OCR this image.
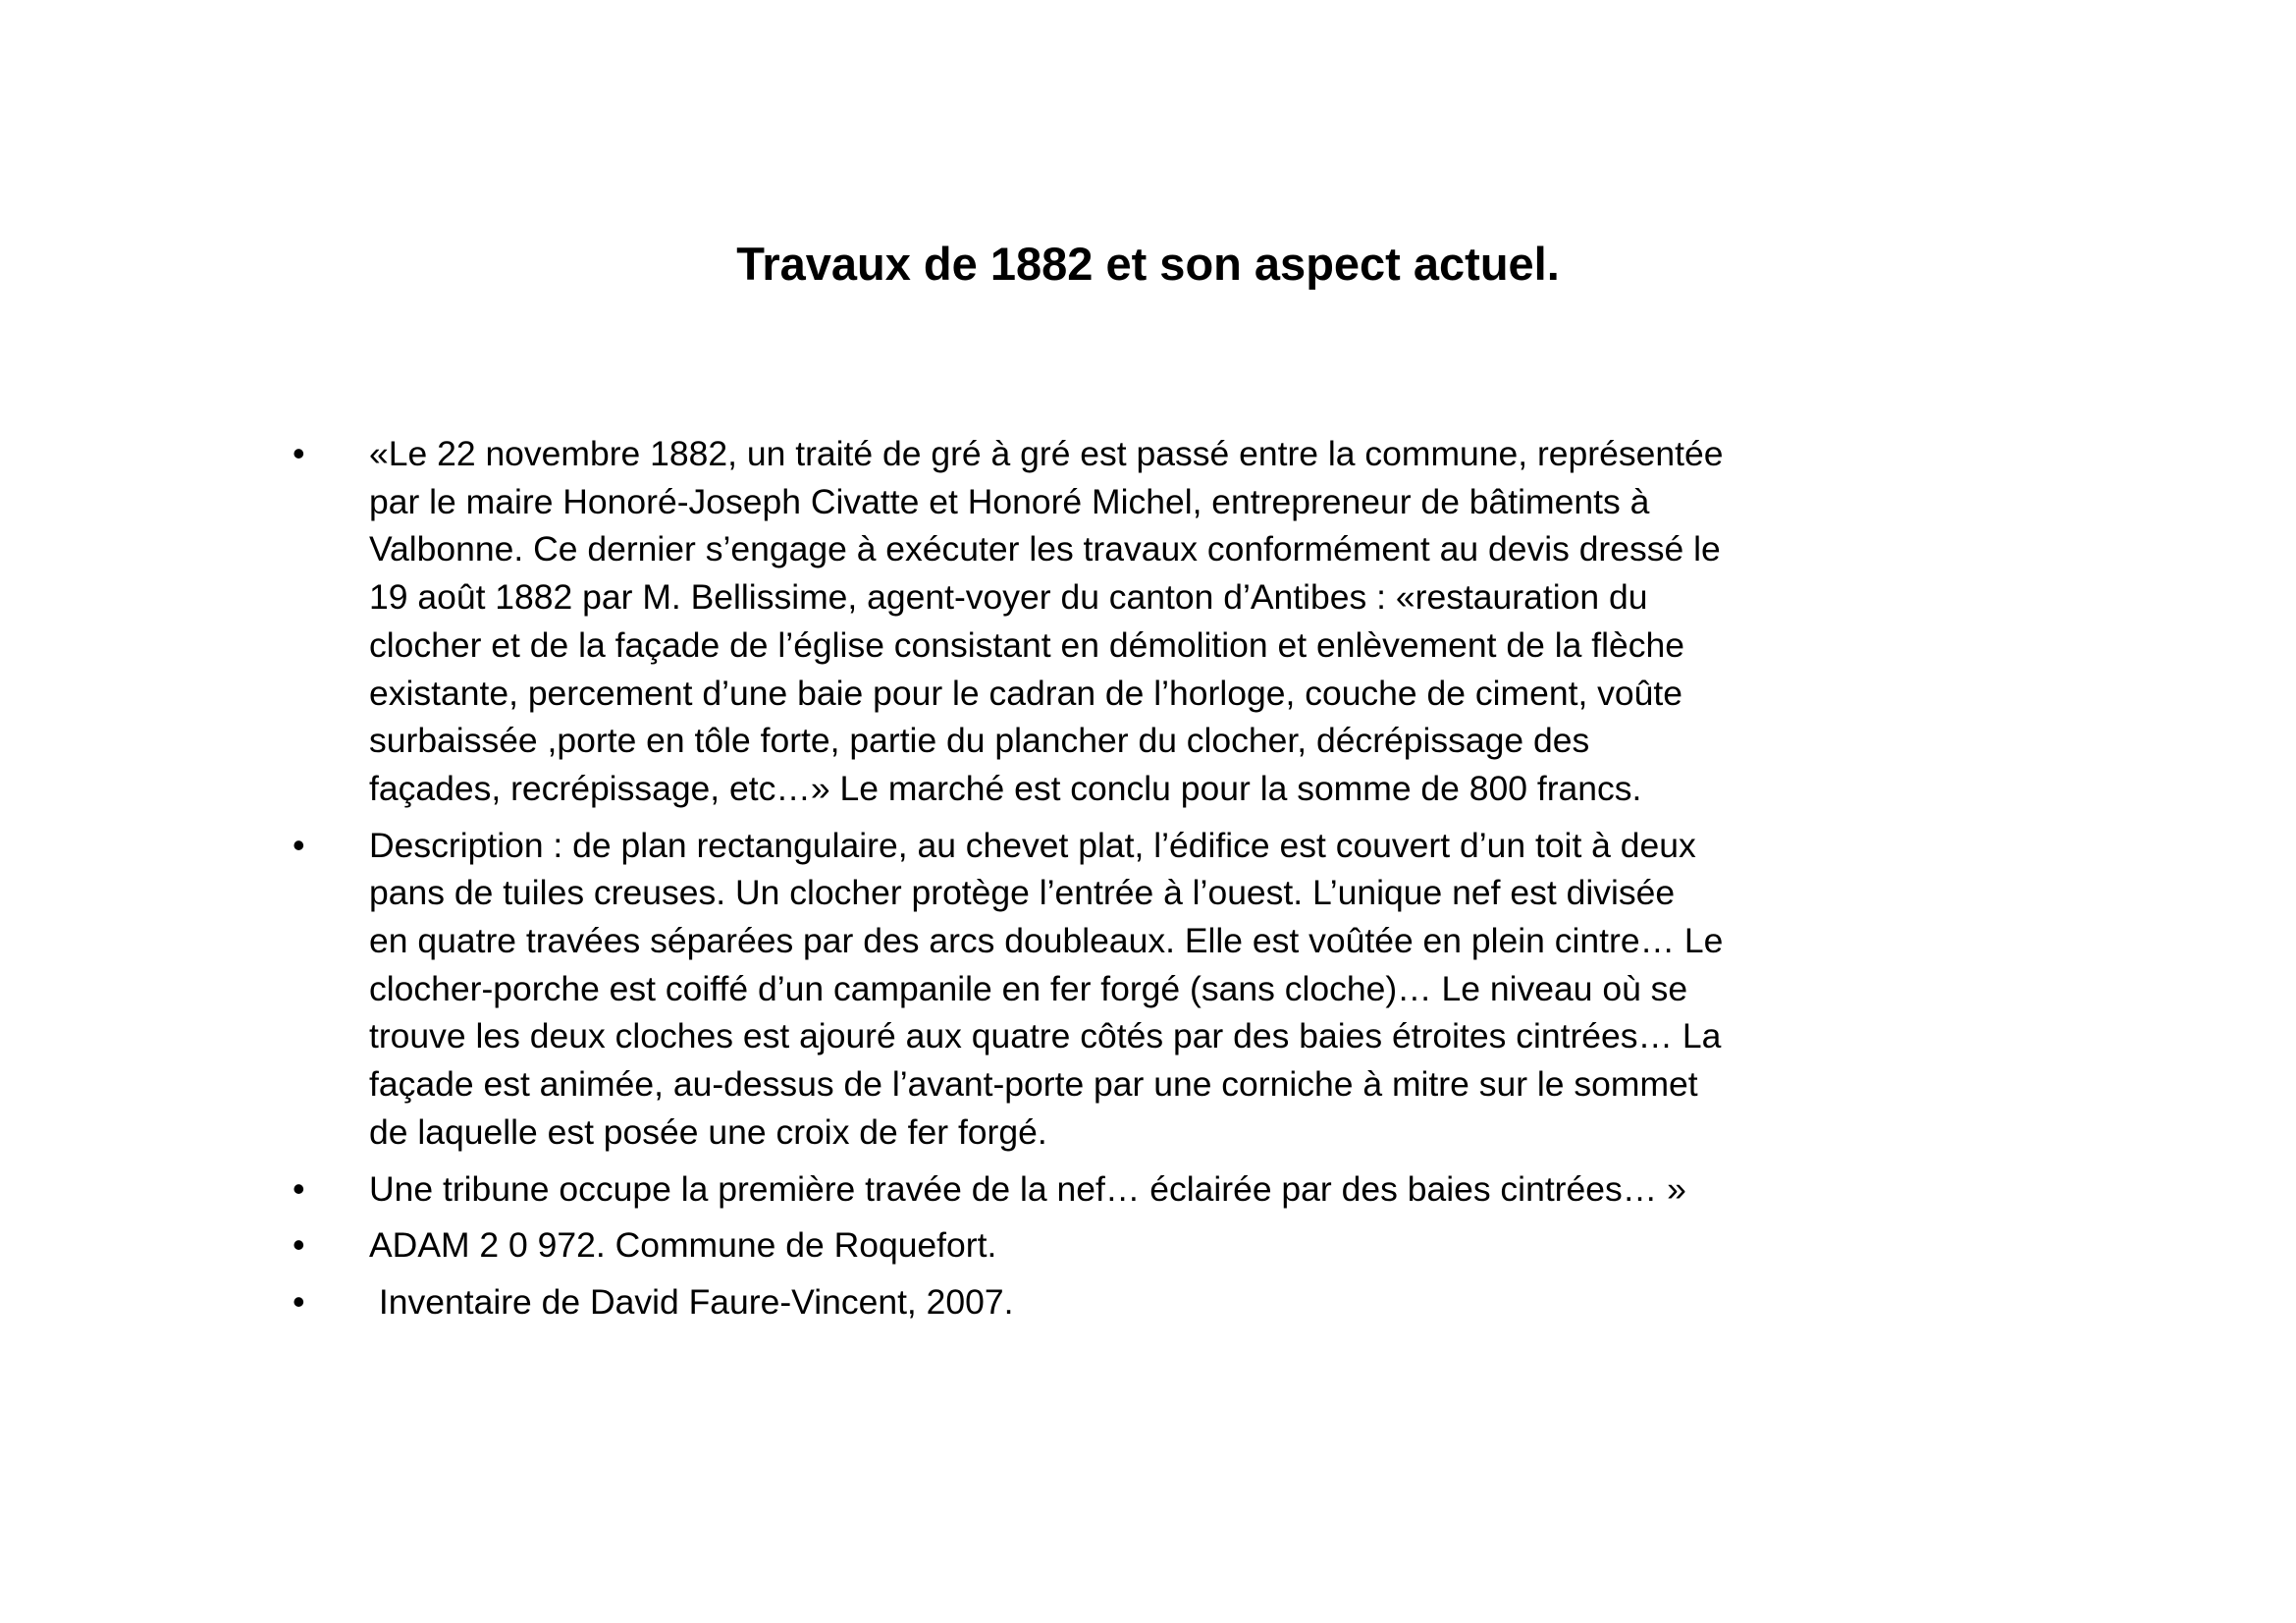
Travaux de 1882 et son aspect actuel.
•	«Le 22 novembre 1882, un traité de gré à gré est passé entre la commune, représentée
par le maire Honoré-Joseph Civatte et Honoré Michel, entrepreneur de bâtiments à
Valbonne. Ce dernier s’engage à exécuter les travaux conformément au devis dressé le
19 août 1882 par M. Bellissime, agent-voyer du canton d’Antibes : «restauration du
clocher et de la façade de l’église consistant en démolition et enlèvement de la flèche
existante, percement d’une baie pour le cadran de l’horloge, couche de ciment, voûte
surbaissée ,porte en tôle forte, partie du plancher du clocher, décrépissage des
façades, recrépissage, etc…» Le marché est conclu pour la somme de 800 francs.
•	Description : de plan rectangulaire, au chevet plat, l’édifice est couvert d’un toit à deux
pans de tuiles creuses. Un clocher protège l’entrée à l’ouest. L’unique nef est divisée
en quatre travées séparées par des arcs doubleaux. Elle est voûtée en plein cintre… Le
clocher-porche est coiffé d’un campanile en fer forgé (sans cloche)… Le niveau où se
trouve les deux cloches est ajouré aux quatre côtés par des baies étroites cintrées… La
façade est animée, au-dessus de l’avant-porte par une corniche à mitre sur le sommet
de laquelle est posée une croix de fer forgé.
•	Une tribune occupe la première travée de la nef… éclairée par des baies cintrées… »
•	ADAM 2 0 972. Commune de Roquefort.
•	Inventaire de David Faure-Vincent, 2007.
